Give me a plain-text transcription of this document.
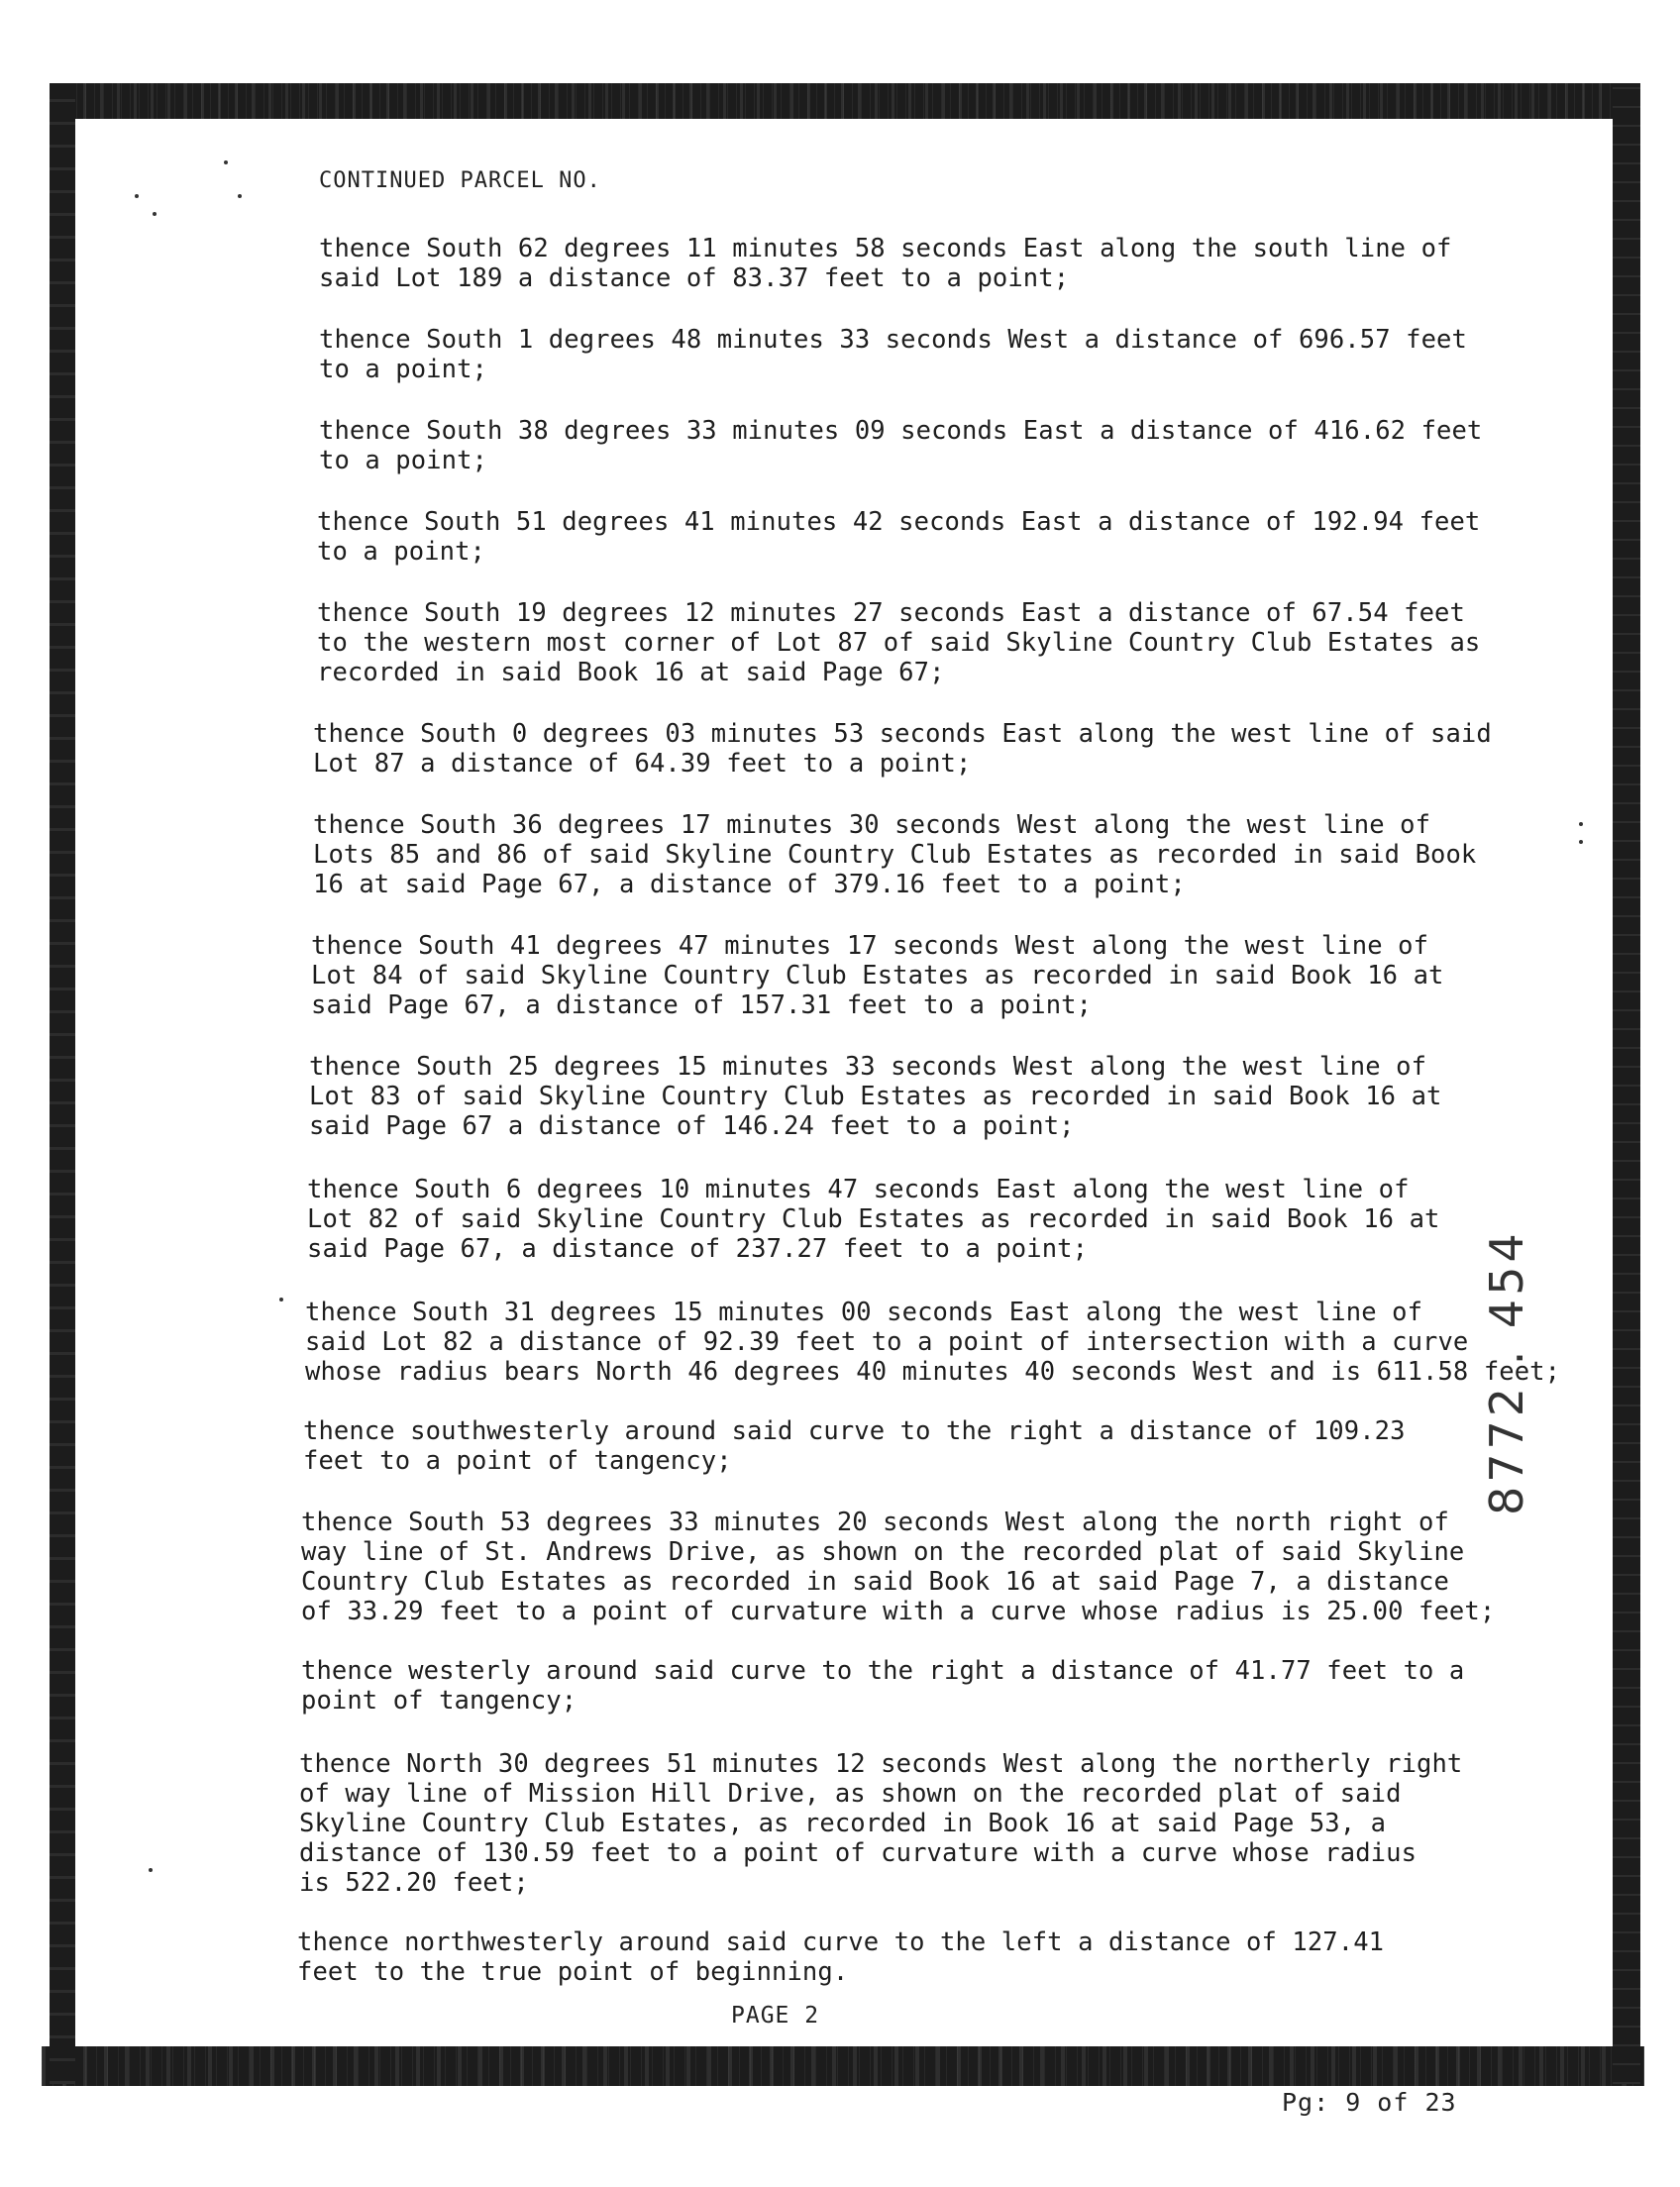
CONTINUED PARCEL NO.
thence South 62 degrees 11 minutes 58 seconds East along the south line of
said Lot 189 a distance of 83.37 feet to a point;
thence South 1 degrees 48 minutes 33 seconds West a distance of 696.57 feet
to a point;
thence South 38 degrees 33 minutes 09 seconds East a distance of 416.62 feet
to a point;
thence South 51 degrees 41 minutes 42 seconds East a distance of 192.94 feet
to a point;
thence South 19 degrees 12 minutes 27 seconds East a distance of 67.54 feet
to the western most corner of Lot 87 of said Skyline Country Club Estates as
recorded in said Book 16 at said Page 67;
thence South 0 degrees 03 minutes 53 seconds East along the west line of said
Lot 87 a distance of 64.39 feet to a point;
thence South 36 degrees 17 minutes 30 seconds West along the west line of
Lots 85 and 86 of said Skyline Country Club Estates as recorded in said Book
16 at said Page 67, a distance of 379.16 feet to a point;
thence South 41 degrees 47 minutes 17 seconds West along the west line of
Lot 84 of said Skyline Country Club Estates as recorded in said Book 16 at
said Page 67, a distance of 157.31 feet to a point;
thence South 25 degrees 15 minutes 33 seconds West along the west line of
Lot 83 of said Skyline Country Club Estates as recorded in said Book 16 at
said Page 67 a distance of 146.24 feet to a point;
thence South 6 degrees 10 minutes 47 seconds East along the west line of
Lot 82 of said Skyline Country Club Estates as recorded in said Book 16 at
said Page 67, a distance of 237.27 feet to a point;
thence South 31 degrees 15 minutes 00 seconds East along the west line of
said Lot 82 a distance of 92.39 feet to a point of intersection with a curve
whose radius bears North 46 degrees 40 minutes 40 seconds West and is 611.58 feet;
thence southwesterly around said curve to the right a distance of 109.23
feet to a point of tangency;
thence South 53 degrees 33 minutes 20 seconds West along the north right of
way line of St. Andrews Drive, as shown on the recorded plat of said Skyline
Country Club Estates as recorded in said Book 16 at said Page 7, a distance
of 33.29 feet to a point of curvature with a curve whose radius is 25.00 feet;
thence westerly around said curve to the right a distance of 41.77 feet to a
point of tangency;
thence North 30 degrees 51 minutes 12 seconds West along the northerly right
of way line of Mission Hill Drive, as shown on the recorded plat of said
Skyline Country Club Estates, as recorded in Book 16 at said Page 53, a
distance of 130.59 feet to a point of curvature with a curve whose radius
is 522.20 feet;
thence northwesterly around said curve to the left a distance of 127.41
feet to the true point of beginning.
PAGE 2
8772 . 454
Pg: 9 of 23
